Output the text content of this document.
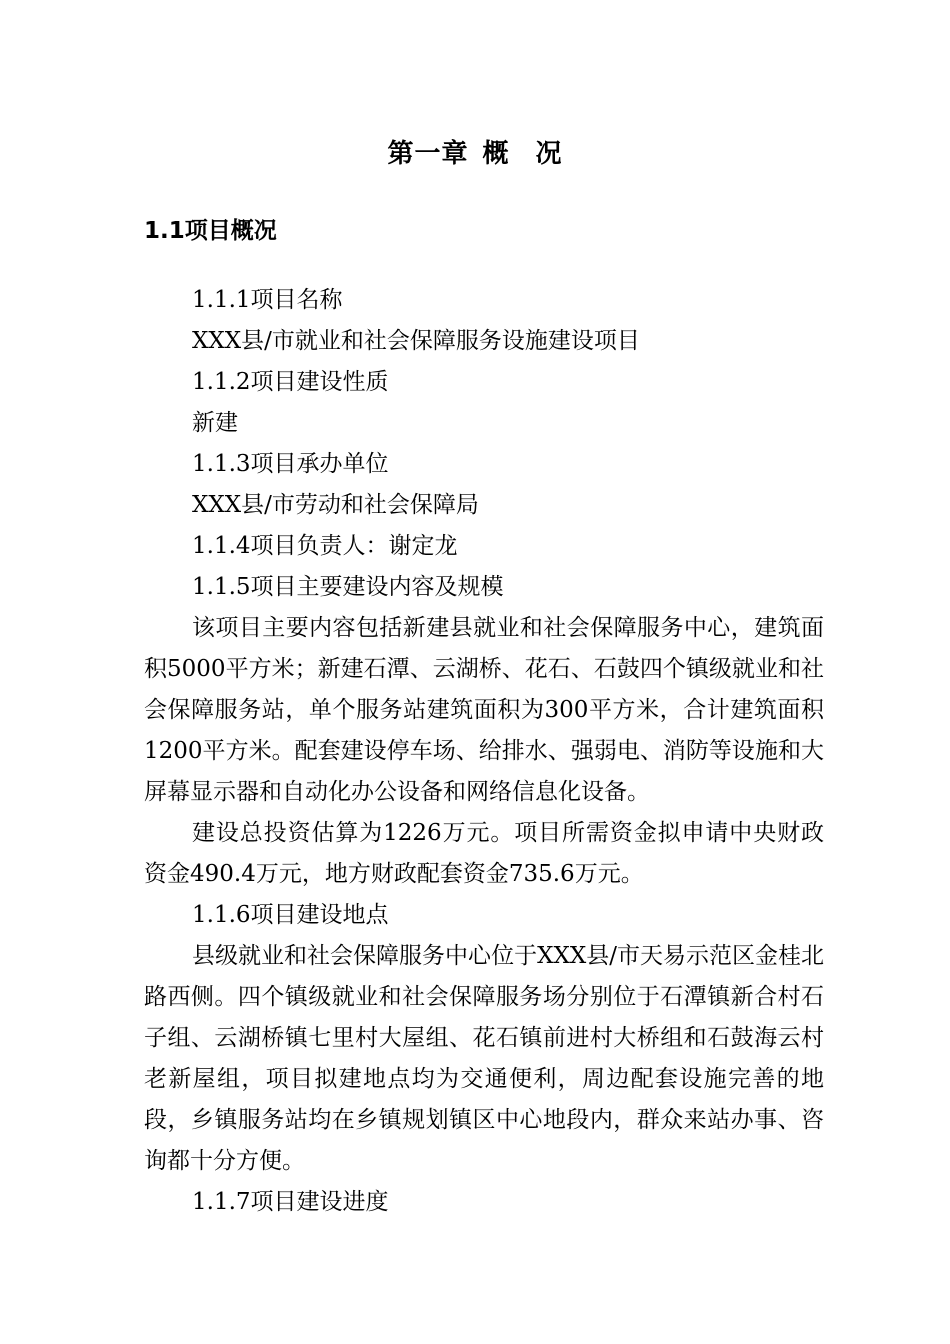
第一章 概 况
1.1项目概况

1.1.1项目名称

XXX县/市就业和社会保障服务设施建设项目

1.1.2项目建设性质

新建

1.1.3项目承办单位

XXX县/市劳动和社会保障局

1.1.4项目负责人：谢定龙

1.1.5项目主要建设内容及规模

该项目主要内容包括新建县就业和社会保障服务中心，建筑面积5000平方米；新建石潭、云湖桥、花石、石鼓四个镇级就业和社会保障服务站，单个服务站建筑面积为300平方米，合计建筑面积1200平方米。配套建设停车场、给排水、强弱电、消防等设施和大屏幕显示器和自动化办公设备和网络信息化设备。

建设总投资估算为1226万元。项目所需资金拟申请中央财政资金490.4万元，地方财政配套资金735.6万元。

1.1.6项目建设地点

县级就业和社会保障服务中心位于XXX县/市天易示范区金桂北路西侧。四个镇级就业和社会保障服务场分别位于石潭镇新合村石子组、云湖桥镇七里村大屋组、花石镇前进村大桥组和石鼓海云村老新屋组，项目拟建地点均为交通便利，周边配套设施完善的地段，乡镇服务站均在乡镇规划镇区中心地段内，群众来站办事、咨询都十分方便。

1.1.7项目建设进度
